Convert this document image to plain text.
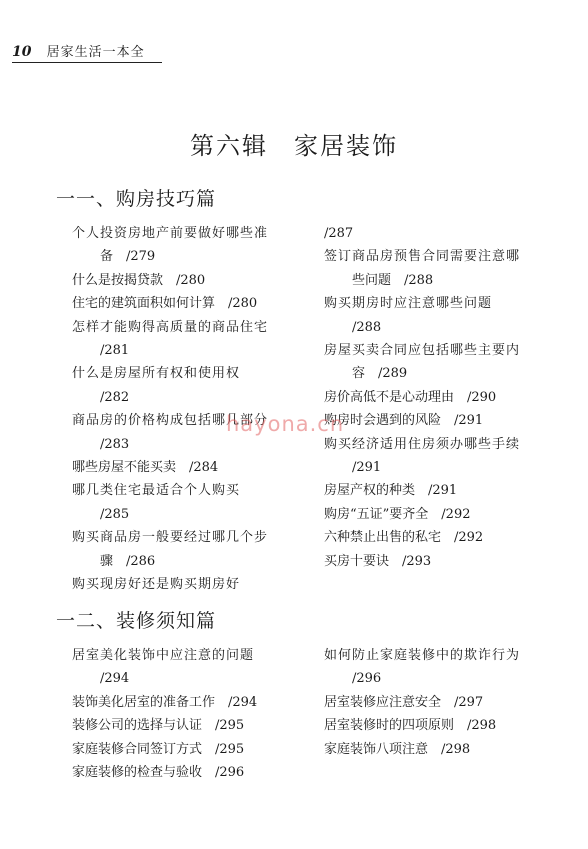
10 居家生活一本全
第六辑　家居装饰
一一、购房技巧篇
个人投资房地产前要做好哪些准
备　/279
什么是按揭贷款　/280
住宅的建筑面积如何计算　/280
怎样才能购得高质量的商品住宅
/281
什么是房屋所有权和使用权
/282
商品房的价格构成包括哪几部分
/283
哪些房屋不能买卖　/284
哪几类住宅最适合个人购买
/285
购买商品房一般要经过哪几个步
骤　/286
购买现房好还是购买期房好
/287
签订商品房预售合同需要注意哪
些问题　/288
购买期房时应注意哪些问题
/288
房屋买卖合同应包括哪些主要内
容　/289
房价高低不是心动理由　/290
购房时会遇到的风险　/291
购买经济适用住房须办哪些手续
/291
房屋产权的种类　/291
购房“五证”要齐全　/292
六种禁止出售的私宅　/292
买房十要诀　/293
一二、装修须知篇
居室美化装饰中应注意的问题
/294
装饰美化居室的准备工作　/294
装修公司的选择与认证　/295
家庭装修合同签订方式　/295
家庭装修的检查与验收　/296
如何防止家庭装修中的欺诈行为
/296
居室装修应注意安全　/297
居室装修时的四项原则　/298
家庭装饰八项注意　/298
hayona.cn
